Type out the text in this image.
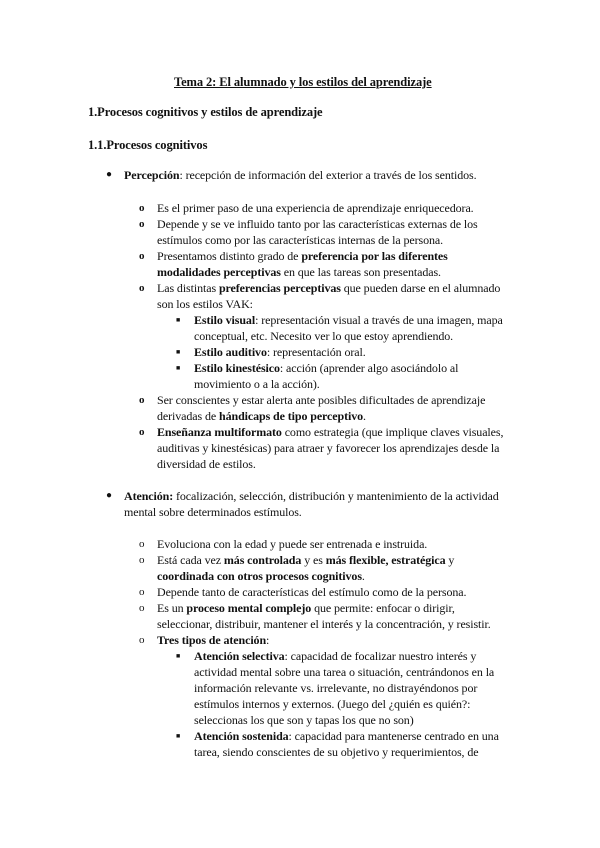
Tema 2: El alumnado y los estilos del aprendizaje
1.Procesos cognitivos y estilos de aprendizaje
1.1.Procesos cognitivos
● Percepción: recepción de información del exterior a través de los sentidos.
o Es el primer paso de una experiencia de aprendizaje enriquecedora.
o Depende y se ve influido tanto por las características externas de los
estímulos como por las características internas de la persona.
o Presentamos distinto grado de preferencia por las diferentes
modalidades perceptivas en que las tareas son presentadas.
o Las distintas preferencias perceptivas que pueden darse en el alumnado
son los estilos VAK:
■ Estilo visual: representación visual a través de una imagen, mapa
conceptual, etc. Necesito ver lo que estoy aprendiendo.
■ Estilo auditivo: representación oral.
■ Estilo kinestésico: acción (aprender algo asociándolo al
movimiento o a la acción).
o Ser conscientes y estar alerta ante posibles dificultades de aprendizaje
derivadas de hándicaps de tipo perceptivo.
o Enseñanza multiformato como estrategia (que implique claves visuales,
auditivas y kinestésicas) para atraer y favorecer los aprendizajes desde la
diversidad de estilos.
● Atención: focalización, selección, distribución y mantenimiento de la actividad
mental sobre determinados estímulos.
o Evoluciona con la edad y puede ser entrenada e instruida.
o Está cada vez más controlada y es más flexible, estratégica y
coordinada con otros procesos cognitivos.
o Depende tanto de características del estímulo como de la persona.
o Es un proceso mental complejo que permite: enfocar o dirigir,
seleccionar, distribuir, mantener el interés y la concentración, y resistir.
o Tres tipos de atención:
■ Atención selectiva: capacidad de focalizar nuestro interés y
actividad mental sobre una tarea o situación, centrándonos en la
información relevante vs. irrelevante, no distrayéndonos por
estímulos internos y externos. (Juego del ¿quién es quién?:
seleccionas los que son y tapas los que no son)
■ Atención sostenida: capacidad para mantenerse centrado en una
tarea, siendo conscientes de su objetivo y requerimientos, de
